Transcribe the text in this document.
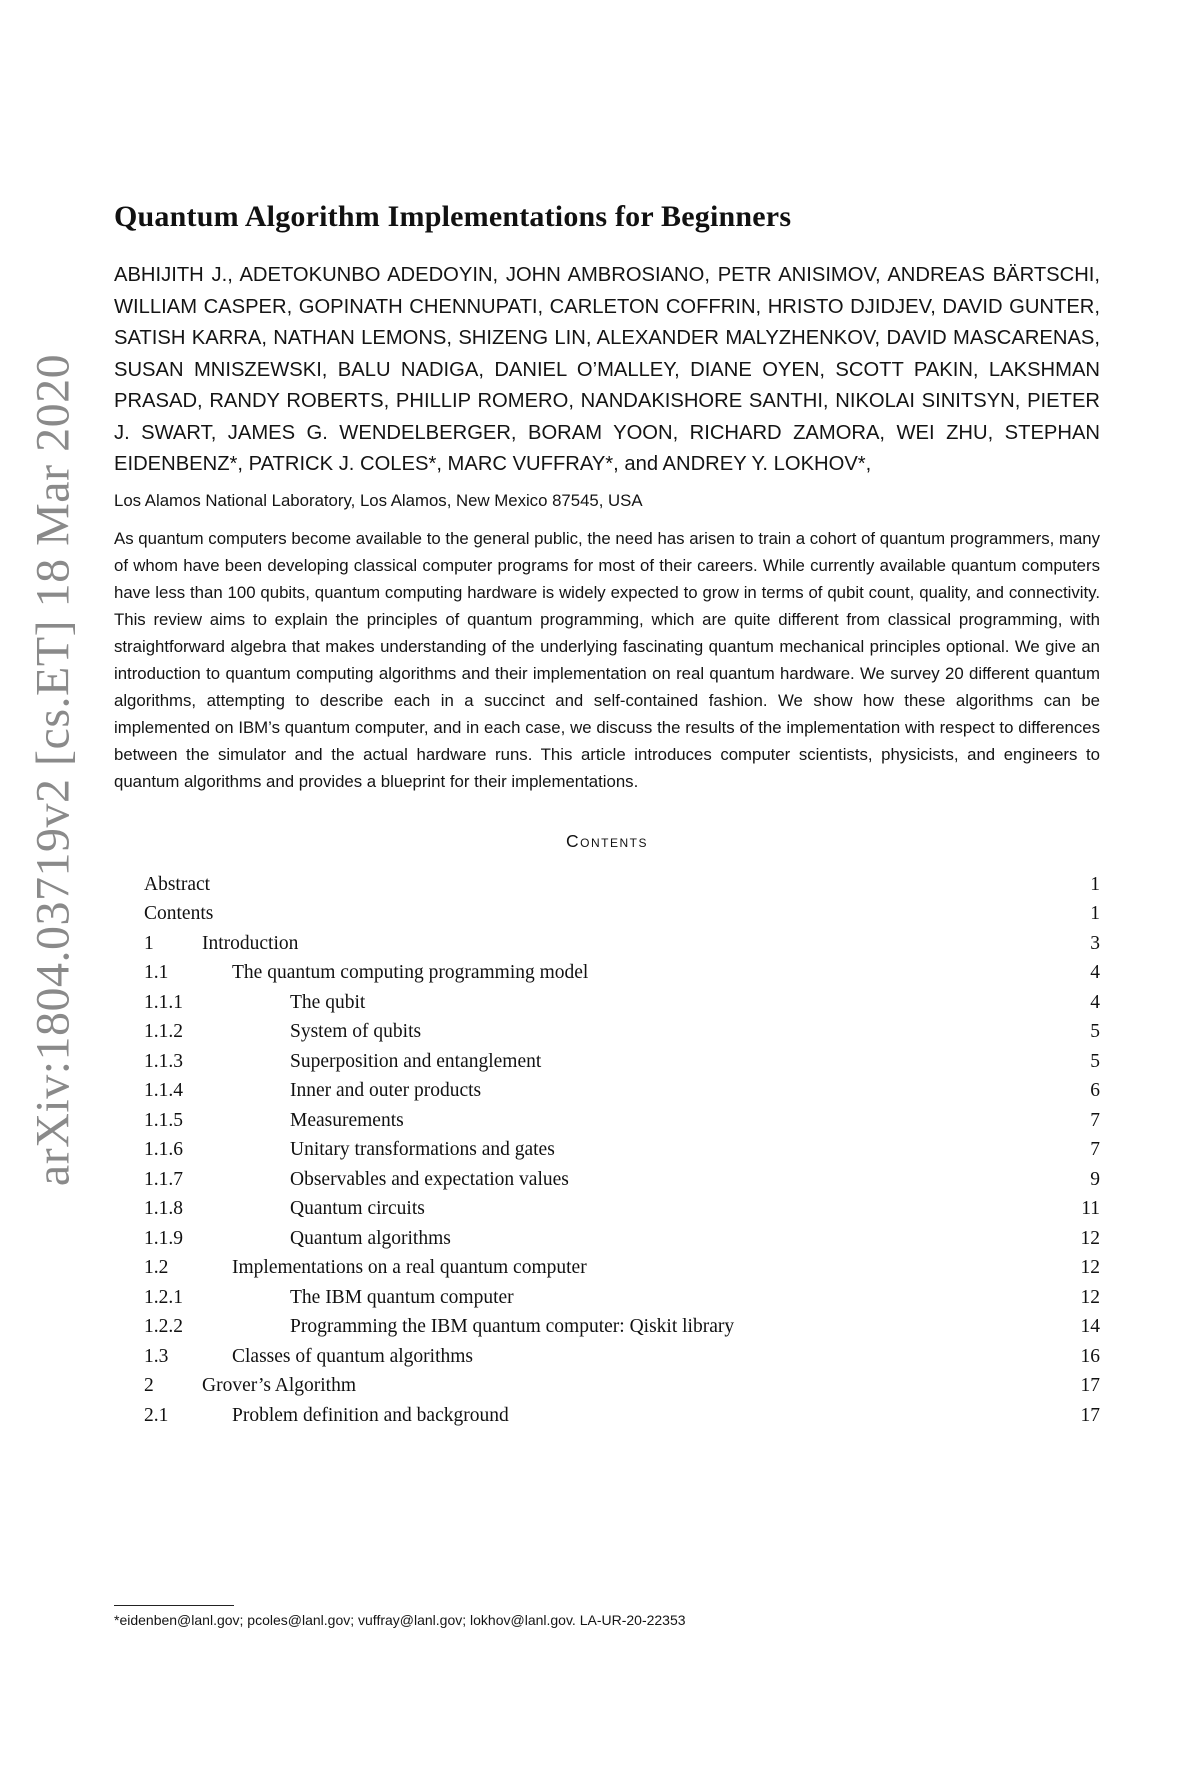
arXiv:1804.03719v2 [cs.ET] 18 Mar 2020
Quantum Algorithm Implementations for Beginners

ABHIJITH J., ADETOKUNBO ADEDOYIN, JOHN AMBROSIANO, PETR ANISIMOV, ANDREAS BÄRTSCHI, WILLIAM CASPER, GOPINATH CHENNUPATI, CARLETON COFFRIN, HRISTO DJIDJEV, DAVID GUNTER, SATISH KARRA, NATHAN LEMONS, SHIZENG LIN, ALEXANDER MALYZHENKOV, DAVID MASCARENAS, SUSAN MNISZEWSKI, BALU NADIGA, DANIEL O’MALLEY, DIANE OYEN, SCOTT PAKIN, LAKSHMAN PRASAD, RANDY ROBERTS, PHILLIP ROMERO, NANDAKISHORE SANTHI, NIKOLAI SINITSYN, PIETER J. SWART, JAMES G. WENDELBERGER, BORAM YOON, RICHARD ZAMORA, WEI ZHU, STEPHAN EIDENBENZ*, PATRICK J. COLES*, MARC VUFFRAY*, and ANDREY Y. LOKHOV*,

Los Alamos National Laboratory, Los Alamos, New Mexico 87545, USA

As quantum computers become available to the general public, the need has arisen to train a cohort of quantum programmers, many of whom have been developing classical computer programs for most of their careers. While currently available quantum computers have less than 100 qubits, quantum computing hardware is widely expected to grow in terms of qubit count, quality, and connectivity. This review aims to explain the principles of quantum programming, which are quite different from classical programming, with straightforward algebra that makes understanding of the underlying fascinating quantum mechanical principles optional. We give an introduction to quantum computing algorithms and their implementation on real quantum hardware. We survey 20 different quantum algorithms, attempting to describe each in a succinct and self-contained fashion. We show how these algorithms can be implemented on IBM’s quantum computer, and in each case, we discuss the results of the implementation with respect to differences between the simulator and the actual hardware runs. This article introduces computer scientists, physicists, and engineers to quantum algorithms and provides a blueprint for their implementations.

Contents
Abstract	1
Contents	1
1 Introduction	3
1.1	The quantum computing programming model	4
1.1.1	The qubit	4
1.1.2	System of qubits	5
1.1.3	Superposition and entanglement	5
1.1.4	Inner and outer products	6
1.1.5	Measurements	7
1.1.6	Unitary transformations and gates	7
1.1.7	Observables and expectation values	9
1.1.8	Quantum circuits	11
1.1.9	Quantum algorithms	12
1.2	Implementations on a real quantum computer	12
1.2.1	The IBM quantum computer	12
1.2.2	Programming the IBM quantum computer: Qiskit library	14
1.3	Classes of quantum algorithms	16
2 Grover’s Algorithm	17
2.1	Problem definition and background	17
*eidenben@lanl.gov; pcoles@lanl.gov; vuffray@lanl.gov; lokhov@lanl.gov. LA-UR-20-22353
